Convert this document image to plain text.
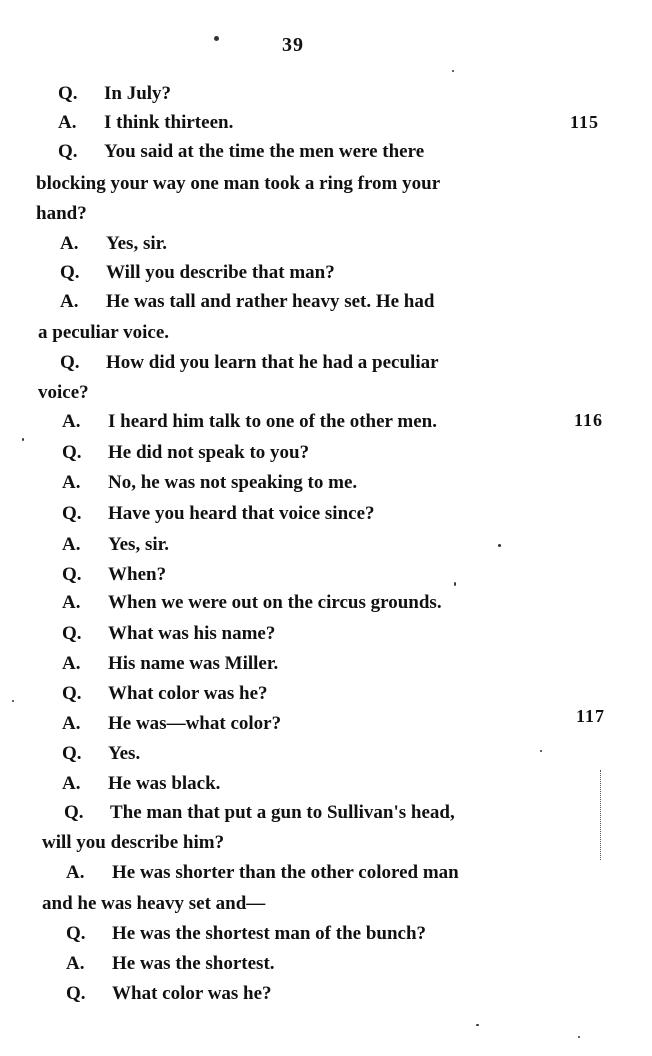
39
Q. In July?
A. I think thirteen.
Q. You said at the time the men were there
blocking your way one man took a ring from your
hand?
A. Yes, sir.
Q. Will you describe that man?
A. He was tall and rather heavy set. He had
a peculiar voice.
Q. How did you learn that he had a peculiar
voice?
A. I heard him talk to one of the other men.
Q. He did not speak to you?
A. No, he was not speaking to me.
Q. Have you heard that voice since?
A. Yes, sir.
Q. When?
A. When we were out on the circus grounds.
Q. What was his name?
A. His name was Miller.
Q. What color was he?
A. He was—what color?
Q. Yes.
A. He was black.
Q. The man that put a gun to Sullivan's head,
will you describe him?
A. He was shorter than the other colored man
and he was heavy set and—
Q. He was the shortest man of the bunch?
A. He was the shortest.
Q. What color was he?
115
116
117
